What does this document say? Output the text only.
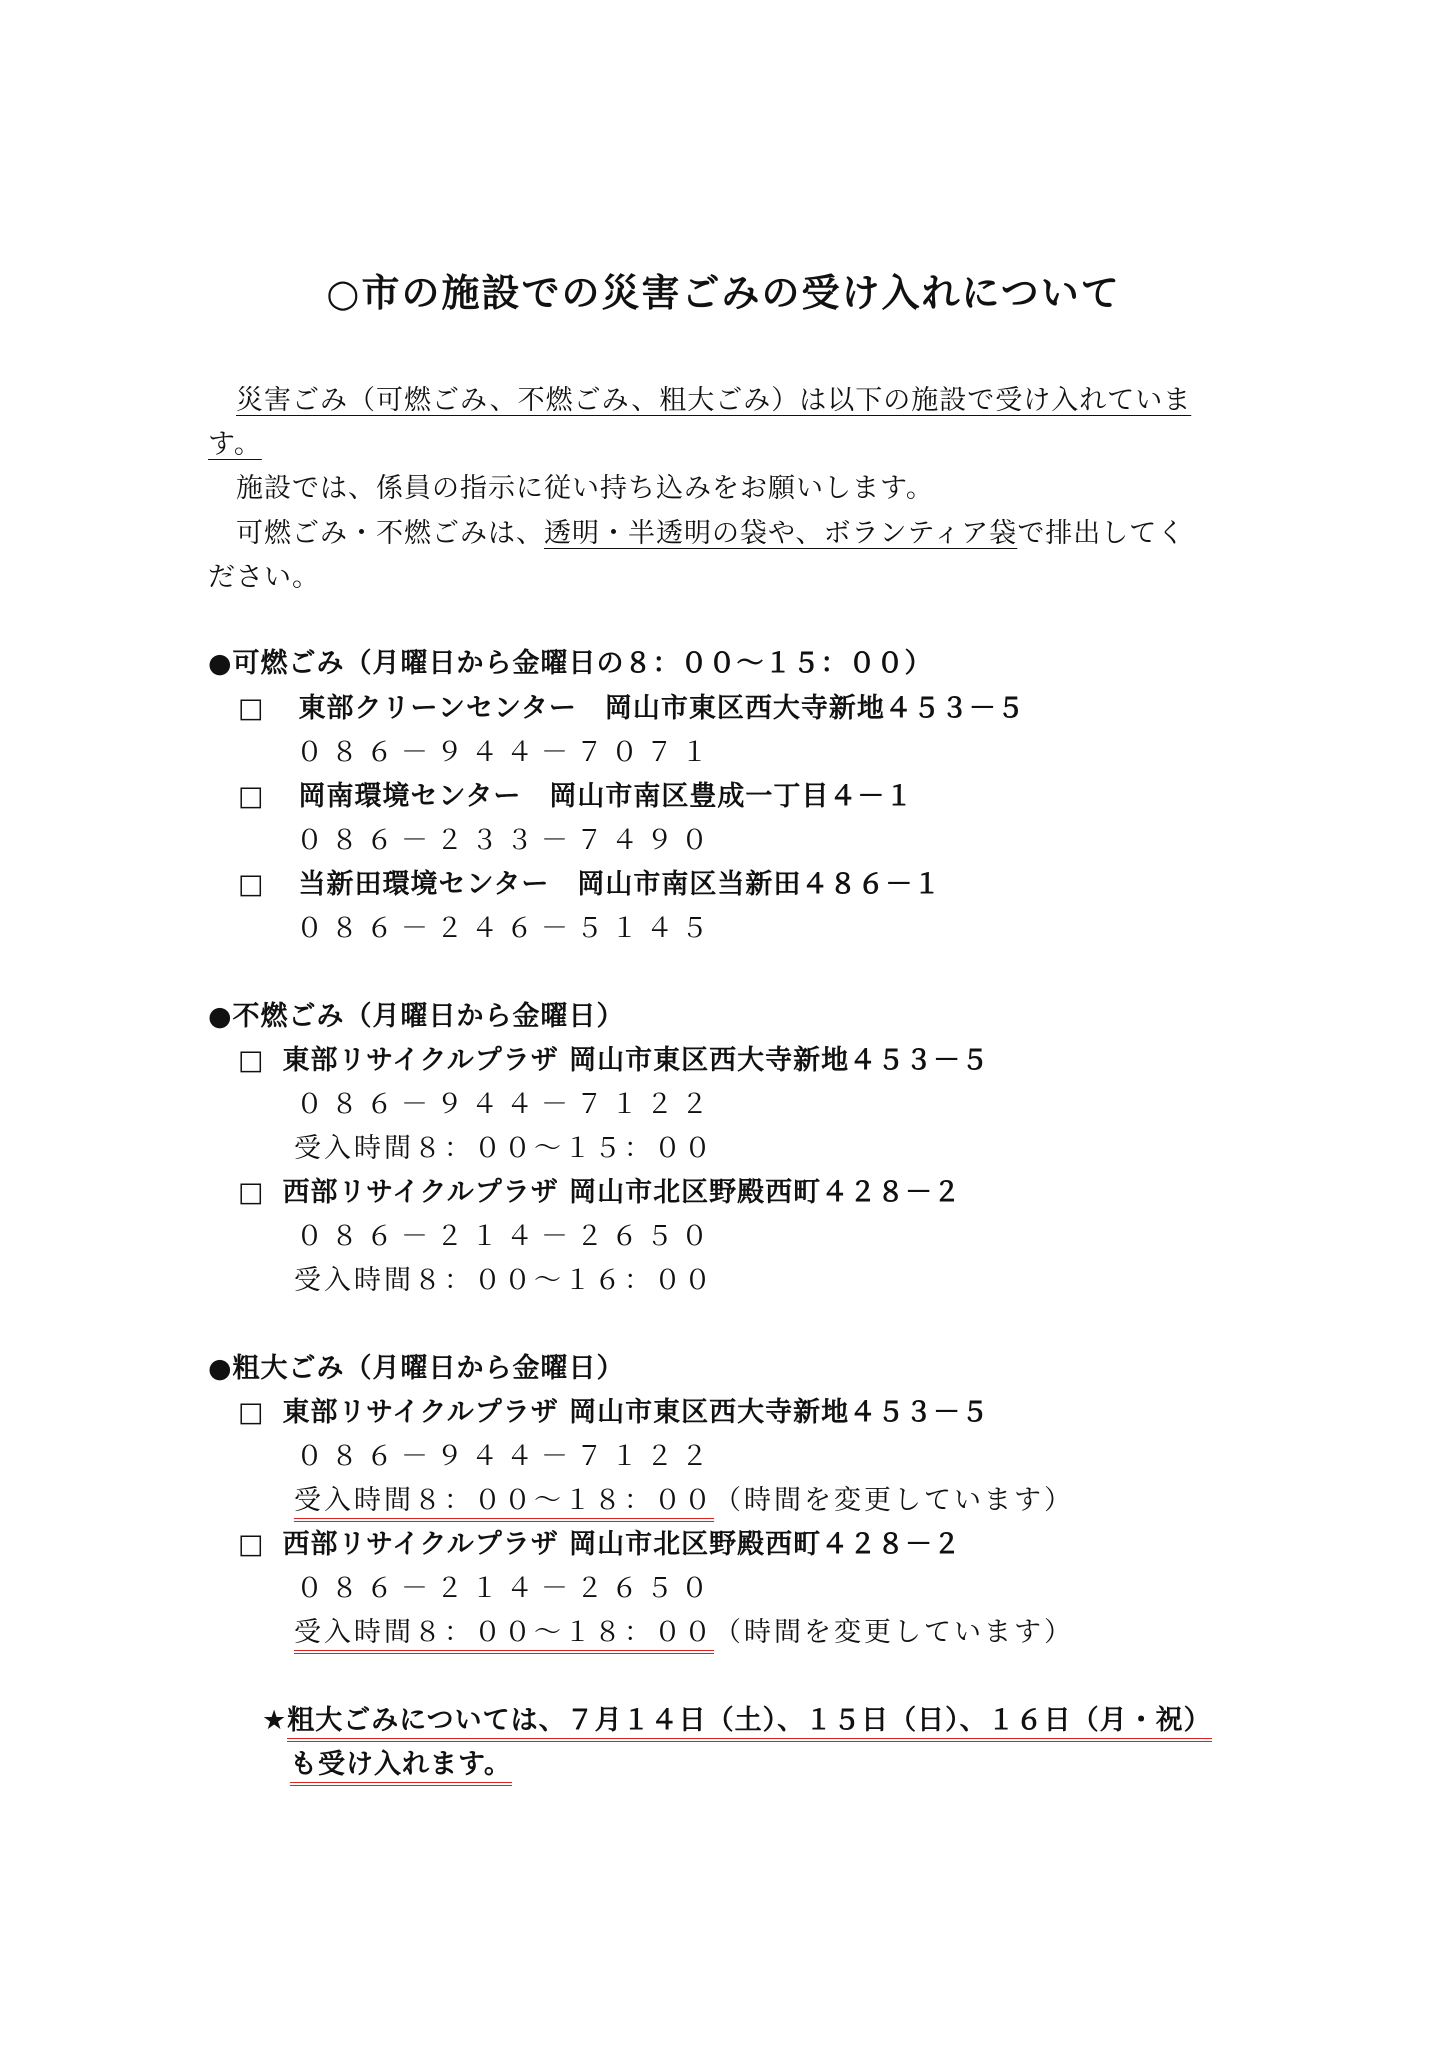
○市の施設での災害ごみの受け入れについて
災害ごみ（可燃ごみ、不燃ごみ、粗大ごみ）は以下の施設で受け入れていま
す。
施設では、係員の指示に従い持ち込みをお願いします。
可燃ごみ・不燃ごみは、透明・半透明の袋や、ボランティア袋で排出してく
ださい。
●可燃ごみ（月曜日から金曜日の８：００～１５：００）
□ 東部クリーンセンター　岡山市東区西大寺新地４５３－５
０８６－９４４－７０７１
□ 岡南環境センター　岡山市南区豊成一丁目４－１
０８６－２３３－７４９０
□ 当新田環境センター　岡山市南区当新田４８６－１
０８６－２４６－５１４５
●不燃ごみ（月曜日から金曜日）
□ 東部リサイクルプラザ 岡山市東区西大寺新地４５３－５
０８６－９４４－７１２２
受入時間８：００～１５：００
□ 西部リサイクルプラザ 岡山市北区野殿西町４２８－２
０８６－２１４－２６５０
受入時間８：００～１６：００
●粗大ごみ（月曜日から金曜日）
□ 東部リサイクルプラザ 岡山市東区西大寺新地４５３－５
０８６－９４４－７１２２
受入時間８：００～１８：００（時間を変更しています）
□ 西部リサイクルプラザ 岡山市北区野殿西町４２８－２
０８６－２１４－２６５０
受入時間８：００～１８：００（時間を変更しています）
★粗大ごみについては、７月１４日（土）、１５日（日）、１６日（月・祝）
も受け入れます。
